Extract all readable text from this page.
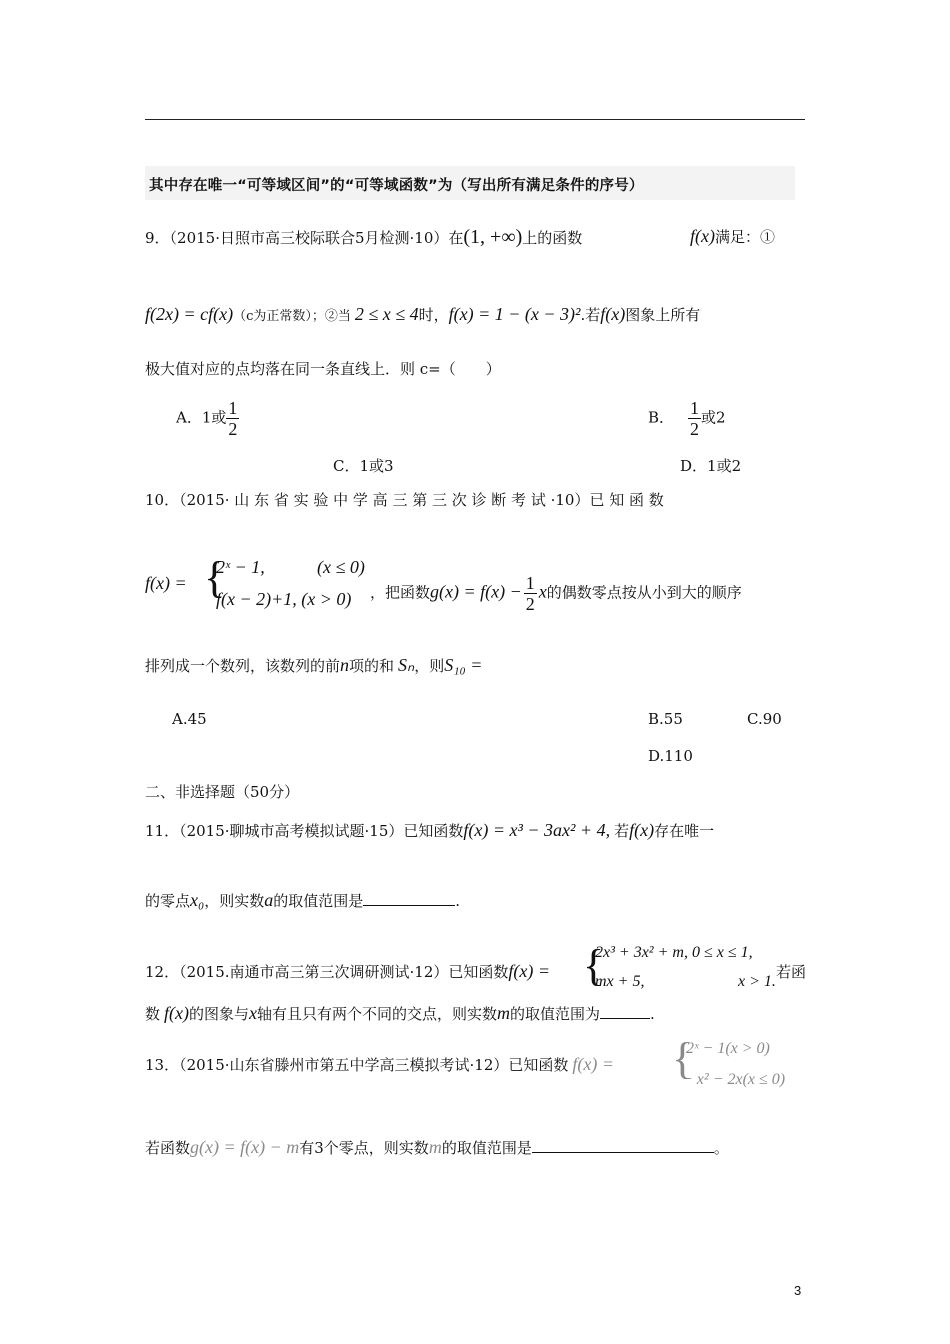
其中存在唯一“可等域区间”的“可等域函数”为（写出所有满足条件的序号）
9．（2015·日照市高三校际联合5月检测·10）在(1, +∞)上的函数	f(x)满足：①
f(2x) = cf(x)（c为正常数）；②当 2 ≤ x ≤ 4时，f(x) = 1 − (x − 3)².若f(x)图象上所有
极大值对应的点均落在同一条直线上．则 c=（　　）
A．1或 $\frac{1}{2}$	B． $\frac{1}{2}$ 或2
C．1或3	D．1或2
10．（2015· 山 东 省 实 验 中 学 高 三 第 三 次 诊 断 考 试 ·10）已 知 函 数
f(x) = {
2ˣ − 1,	(x ≤ 0)
f(x − 2)+1, (x > 0) ，把函数$g(x) = f(x) - \frac{1}{2}$ x的偶数零点按从小到大的顺序
排列成一个数列，该数列的前n项的和 Sₙ，则S₁₀ =
A.45	B.55	C.90
D.110
二、非选择题（50分）
11．（2015·聊城市高考模拟试题·15）已知函数f(x) = x³ − 3ax² + 4, 若f(x)存在唯一
的零点x₀，则实数a的取值范围是	.
12．（2015.南通市高三第三次调研测试·12）已知函数f(x) = {
2x³ + 3x² + m, 0 ≤ x ≤ 1,
mx + 5,	x > 1.
若函
数 f(x)的图象与x轴有且只有两个不同的交点，则实数m的取值范围为	.
13．（2015·山东省滕州市第五中学高三模拟考试·12）已知函数 f(x) = {
2ˣ − 1(x > 0)
− x² − 2x(x ≤ 0)
若函数g(x) = f(x) − m有3个零点，则实数m的取值范围是	。
3
